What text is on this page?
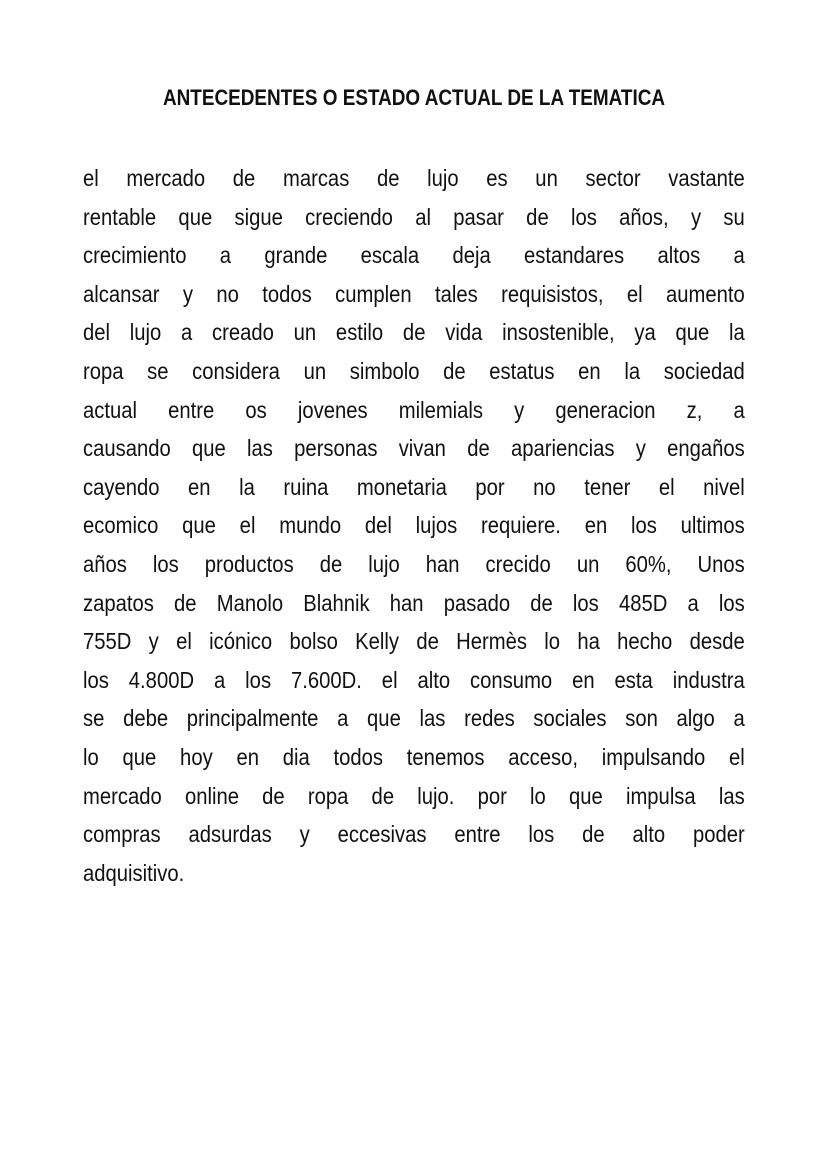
ANTECEDENTES O ESTADO ACTUAL DE LA TEMATICA
el mercado de marcas de lujo es un sector vastante
rentable que sigue creciendo al pasar de los años, y su
crecimiento a grande escala deja estandares altos a
alcansar y no todos cumplen tales requisistos, el aumento
del lujo a creado un estilo de vida insostenible, ya que la
ropa se considera un simbolo de estatus en la sociedad
actual entre os jovenes milemials y generacion z, a
causando que las personas vivan de apariencias y engaños
cayendo en la ruina monetaria por no tener el nivel
ecomico que el mundo del lujos requiere. en los ultimos
años los productos de lujo han crecido un 60%, Unos
zapatos de Manolo Blahnik han pasado de los 485D a los
755D y el icónico bolso Kelly de Hermès lo ha hecho desde
los 4.800D a los 7.600D. el alto consumo en esta industra
se debe principalmente a que las redes sociales son algo a
lo que hoy en dia todos tenemos acceso, impulsando el
mercado online de ropa de lujo. por lo que impulsa las
compras adsurdas y eccesivas entre los de alto poder
adquisitivo.
